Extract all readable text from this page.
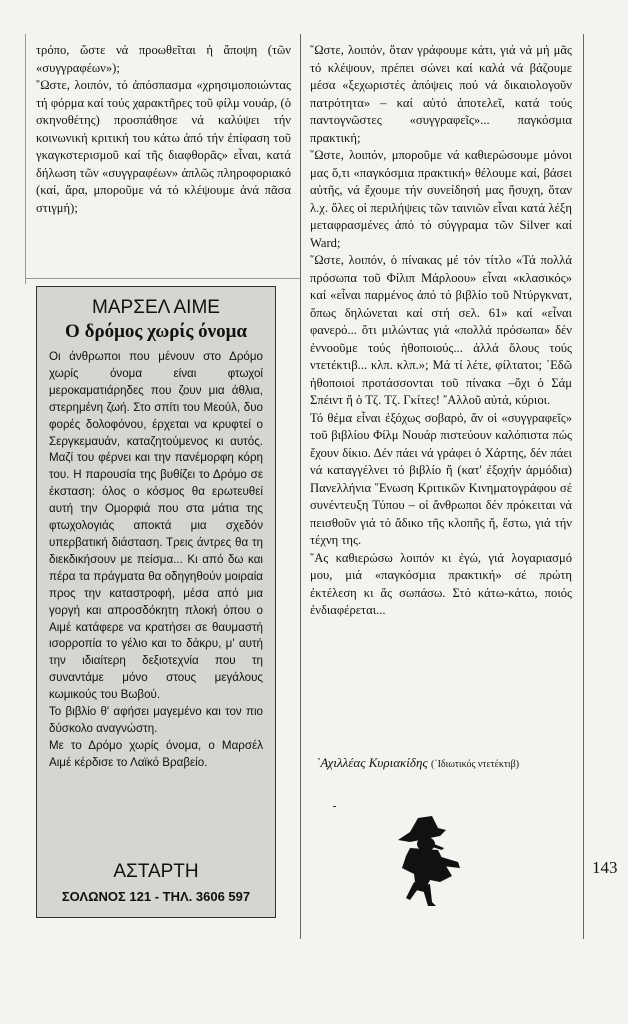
τρόπο, ὥστε νά προωθεῖται ἡ ἄποψη (τῶν «συγγραφέων»);

῞Ωστε, λοιπόν, τό ἀπόσπασμα «χρησιμοποιώντας τή φόρμα καί τούς χαρακτῆρες τοῦ φίλμ νουάρ, (ὁ σκηνοθέτης) προσπάθησε νά καλύψει τήν κοινωνική κριτική του κάτω ἀπό τήν ἐπίφαση τοῦ γκαγκστερισμοῦ καί τῆς διαφθορᾶς» εἶναι, κατά δήλωση τῶν «συγγραφέων» ἁπλῶς πληροφοριακό (καί, ἄρα, μποροῦμε νά τό κλέψουμε ἀνά πᾶσα στιγμή);

ΜΑΡΣΕΛ ΑΙΜΕ
Ο δρόμος χωρίς όνομα

Οι άνθρωποι που μένουν στο Δρόμο χωρίς όνομα είναι φτωχοί μεροκαματιάρηδες που ζουν μια άθλια, στερημένη ζωή. Στο σπίτι του Μεούλ, δυο φορές δολοφόνου, έρχεται να κρυφτεί ο Σεργκεμαυάν, καταζητούμενος κι αυτός. Μαζί του φέρνει και την πανέμορφη κόρη του. Η παρουσία της βυθίζει το Δρόμο σε έκσταση: όλος ο κόσμος θα ερωτευθεί αυτή την Ομορφιά που στα μάτια της φτωχολογιάς αποκτά μια σχεδόν υπερβατική διάσταση. Τρεις άντρες θα τη διεκδικήσουν με πείσμα... Κι από δω και πέρα τα πράγματα θα οδηγηθούν μοιραία προς την καταστροφή, μέσα από μια γοργή και απροσδόκητη πλοκή όπου ο Αιμέ κατάφερε να κρατήσει σε θαυμαστή ισορροπία το γέλιο και το δάκρυ, μ' αυτή την ιδιαίτερη δεξιοτεχνία που τη συναντάμε μόνο στους μεγάλους κωμικούς του Βωβού.

Το βιβλίο θ' αφήσει μαγεμένο και τον πιο δύσκολο αναγνώστη.

Με το Δρόμο χωρίς όνομα, ο Μαρσέλ Αιμέ κέρδισε το Λαϊκό Βραβείο.

ΑΣΤΑΡΤΗ
ΣΟΛΩΝΟΣ 121 - ΤΗΛ. 3606 597

῞Ωστε, λοιπόν, ὅταν γράφουμε κάτι, γιά νά μή μᾶς τό κλέψουν, πρέπει σώνει καί καλά νά βάζουμε μέσα «ξεχωριστές ἀπόψεις πού νά δικαιολογοῦν πατρότητα» – καί αὐτό ἀποτελεῖ, κατά τούς παντογνῶστες «συγγραφεῖς»... παγκόσμια πρακτική;

῞Ωστε, λοιπόν, μποροῦμε νά καθιερώσουμε μόνοι μας ὅ,τι «παγκόσμια πρακτική» θέλουμε καί, βάσει αὐτῆς, νά ἔχουμε τήν συνείδησή μας ἥσυχη, ὅταν λ.χ. ὅλες οἱ περιλήψεις τῶν ταινιῶν εἶναι κατά λέξη μεταφρασμένες ἀπό τό σύγγραμα τῶν Silver καί Ward;

῞Ωστε, λοιπόν, ὁ πίνακας μέ τόν τίτλο «Τά πολλά πρόσωπα τοῦ Φίλιπ Μάρλοου» εἶναι «κλασικός» καί «εἶναι παρμένος ἀπό τό βιβλίο τοῦ Ντύργκνατ, ὅπως δηλώνεται καί στή σελ. 61» καί «εἶναι φανερό... ὅτι μιλώντας γιά «πολλά πρόσωπα» δέν ἐννοοῦμε τούς ἠθοποιούς... ἀλλά ὅλους τούς ντετέκτιβ... κλπ. κλπ.»; Μά τί λέτε, φίλτατοι; ᾿Εδῶ ἠθοποιοί προτάσσονται τοῦ πίνακα –ὄχι ὁ Σάμ Σπέιντ ἤ ὁ Τζ. Τζ. Γκίτες! ῎Αλλοῦ αὐτά, κύριοι.

Τό θέμα εἶναι ἐξόχως σοβαρό, ἄν οἱ «συγγραφεῖς» τοῦ βιβλίου Φίλμ Νουάρ πιστεύουν καλόπιστα πώς ἔχουν δίκιο. Δέν πάει νά γράφει ὁ Χάρτης, δέν πάει νά καταγγέλνει τό βιβλίο ἤ (κατ' ἐξοχήν ἁρμόδια) Πανελλήνια ῞Ενωση Κριτικῶν Κινηματογράφου σέ συνέντευξη Τύπου – οἱ ἄνθρωποι δέν πρόκειται νά πεισθοῦν γιά τό ἄδικο τῆς κλοπῆς ἤ, ἔστω, γιά τήν τέχνη της.

῞Ας καθιερώσω λοιπόν κι ἐγώ, γιά λογαριασμό μου, μιά «παγκόσμια πρακτική» σέ πρώτη ἐκτέλεση κι ἄς σωπάσω. Στό κάτω-κάτω, ποιός ἐνδιαφέρεται...

᾿Αχιλλέας Κυριακίδης (᾿Ιδιωτικός ντετέκτιβ)
143
